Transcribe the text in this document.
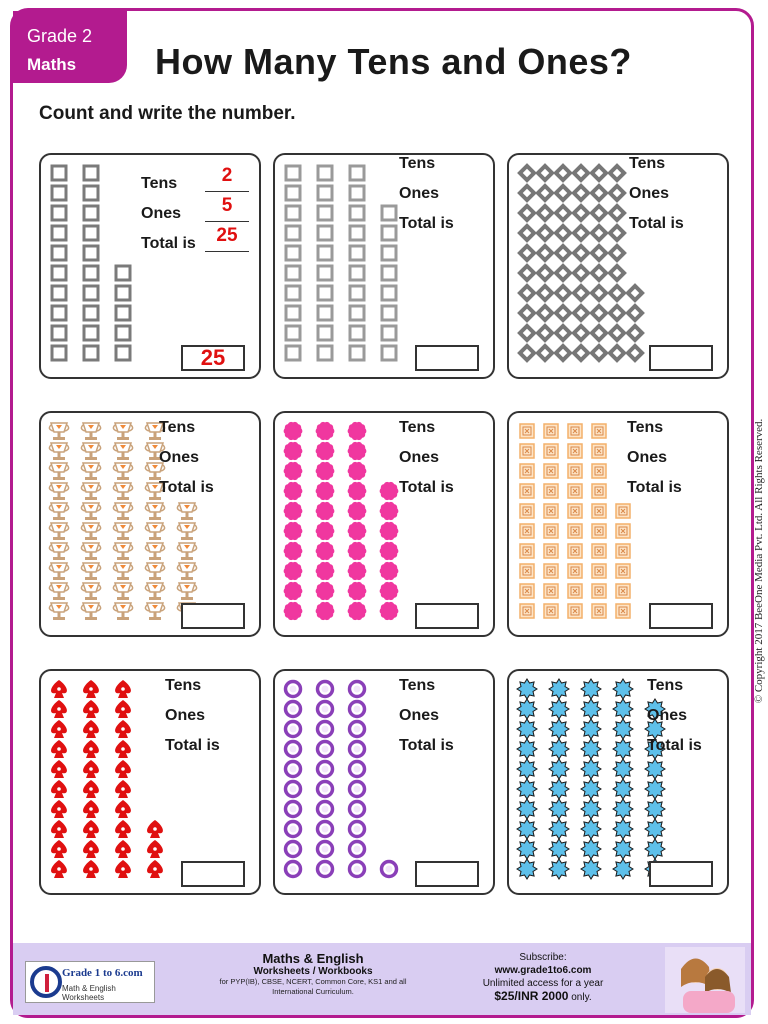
Grade 2
Maths How Many Tens and Ones?
Count and write the number.
Tens	2
Ones	5
Total is	25
25
Tens
Ones
Total is
Tens
Ones
Total is
Tens
Ones
Total is
Tens
Ones
Total is
Tens
Ones
Total is
Tens
Ones
Total is
Tens
Ones
Total is
Tens
Ones
Total is
© Copyright 2017 BeeOne Media Pvt. Ltd. All Rights Reserved.
Grade 1 to 6.com
Math & English Worksheets
Maths & English
Worksheets / Workbooks
for PYP(IB), CBSE, NCERT, Common Core, KS1 and all International Curriculum.
Subscribe:
www.grade1to6.com
Unlimited access for a year
$25/INR 2000 only.
